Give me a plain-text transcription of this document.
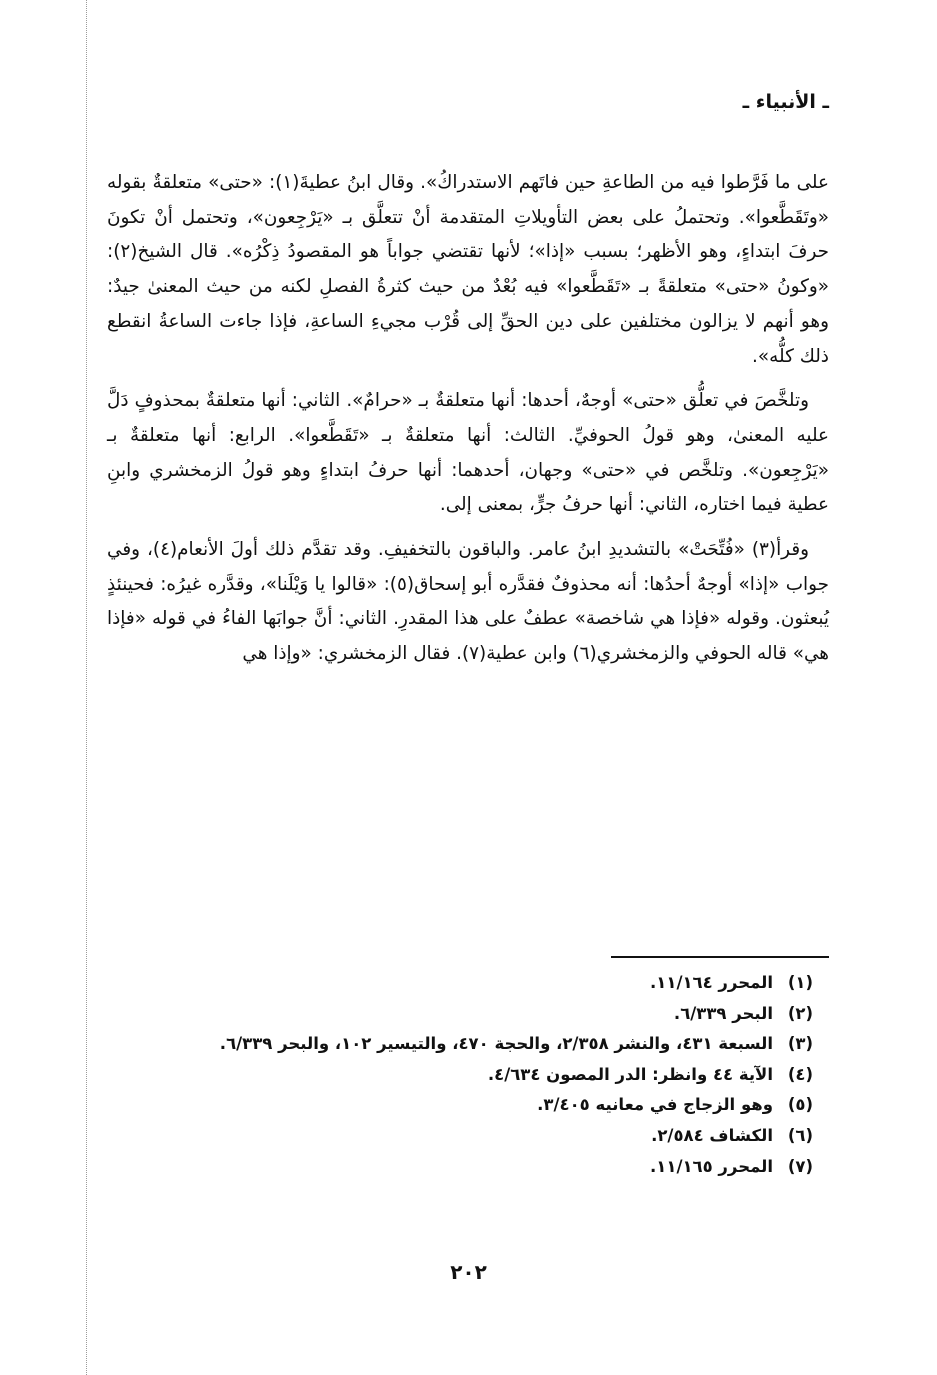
ـ الأنبياء ـ

على ما فَرَّطوا فيه من الطاعةِ حين فاتَهم الاستدراكُ». وقال ابنُ عطيةَ(١): «حتى» متعلقةٌ بقوله «وتَقَطَّعوا». وتحتملُ على بعض التأويلاتِ المتقدمة أنْ تتعلَّق بـ «يَرْجِعون»، وتحتمل أنْ تكونَ حرفَ ابتداءٍ، وهو الأظهر؛ بسبب «إذا»؛ لأنها تقتضي جواباً هو المقصودُ ذِكْرُه». قال الشيخ(٢): «وكونُ «حتى» متعلقةً بـ «تَقَطَّعوا» فيه بُعْدٌ من حيث كثرةُ الفصلِ لكنه من حيث المعنىٰ جيدٌ: وهو أنهم لا يزالون مختلفين على دين الحقِّ إلى قُرْب مجيءِ الساعةِ، فإذا جاءت الساعةُ انقطع ذلك كلُّه».

وتلخَّصَ في تعلُّق «حتى» أوجهٌ، أحدها: أنها متعلقةٌ بـ «حرامٌ». الثاني: أنها متعلقةٌ بمحذوفٍ دَلَّ عليه المعنىٰ، وهو قولُ الحوفيِّ. الثالث: أنها متعلقةٌ بـ «تَقَطَّعوا». الرابع: أنها متعلقةٌ بـ «يَرْجِعون». وتلخَّص في «حتى» وجهان، أحدهما: أنها حرفُ ابتداءٍ وهو قولُ الزمخشري وابنِ عطية فيما اختاره، الثاني: أنها حرفُ جرٍّ، بمعنى إلى.

وقرأ(٣) «فُتِّحَتْ» بالتشديدِ ابنُ عامر. والباقون بالتخفيفِ. وقد تقدَّم ذلك أولَ الأنعام(٤)، وفي جواب «إذا» أوجهٌ أحدُها: أنه محذوفٌ فقدَّره أبو إسحاق(٥): «قالوا يا وَيْلَنا»، وقدَّره غيرُه: فحينئذٍ يُبعثون. وقوله «فإذا هي شاخصة» عطفٌ على هذا المقدرِ. الثاني: أنَّ جوابَها الفاءُ في قوله «فإذا هي» قاله الحوفي والزمخشري(٦) وابن عطية(٧). فقال الزمخشري: «وإذا هي

(١)المحرر ١١/١٦٤.
(٢)البحر ٦/٣٣٩.
(٣)السبعة ٤٣١، والنشر ٢/٣٥٨، والحجة ٤٧٠، والتيسير ١٠٢، والبحر ٦/٣٣٩.
(٤)الآية ٤٤ وانظر: الدر المصون ٤/٦٣٤.
(٥)وهو الزجاج في معانيه ٣/٤٠٥.
(٦)الكشاف ٢/٥٨٤.
(٧)المحرر ١١/١٦٥.
٢٠٢
